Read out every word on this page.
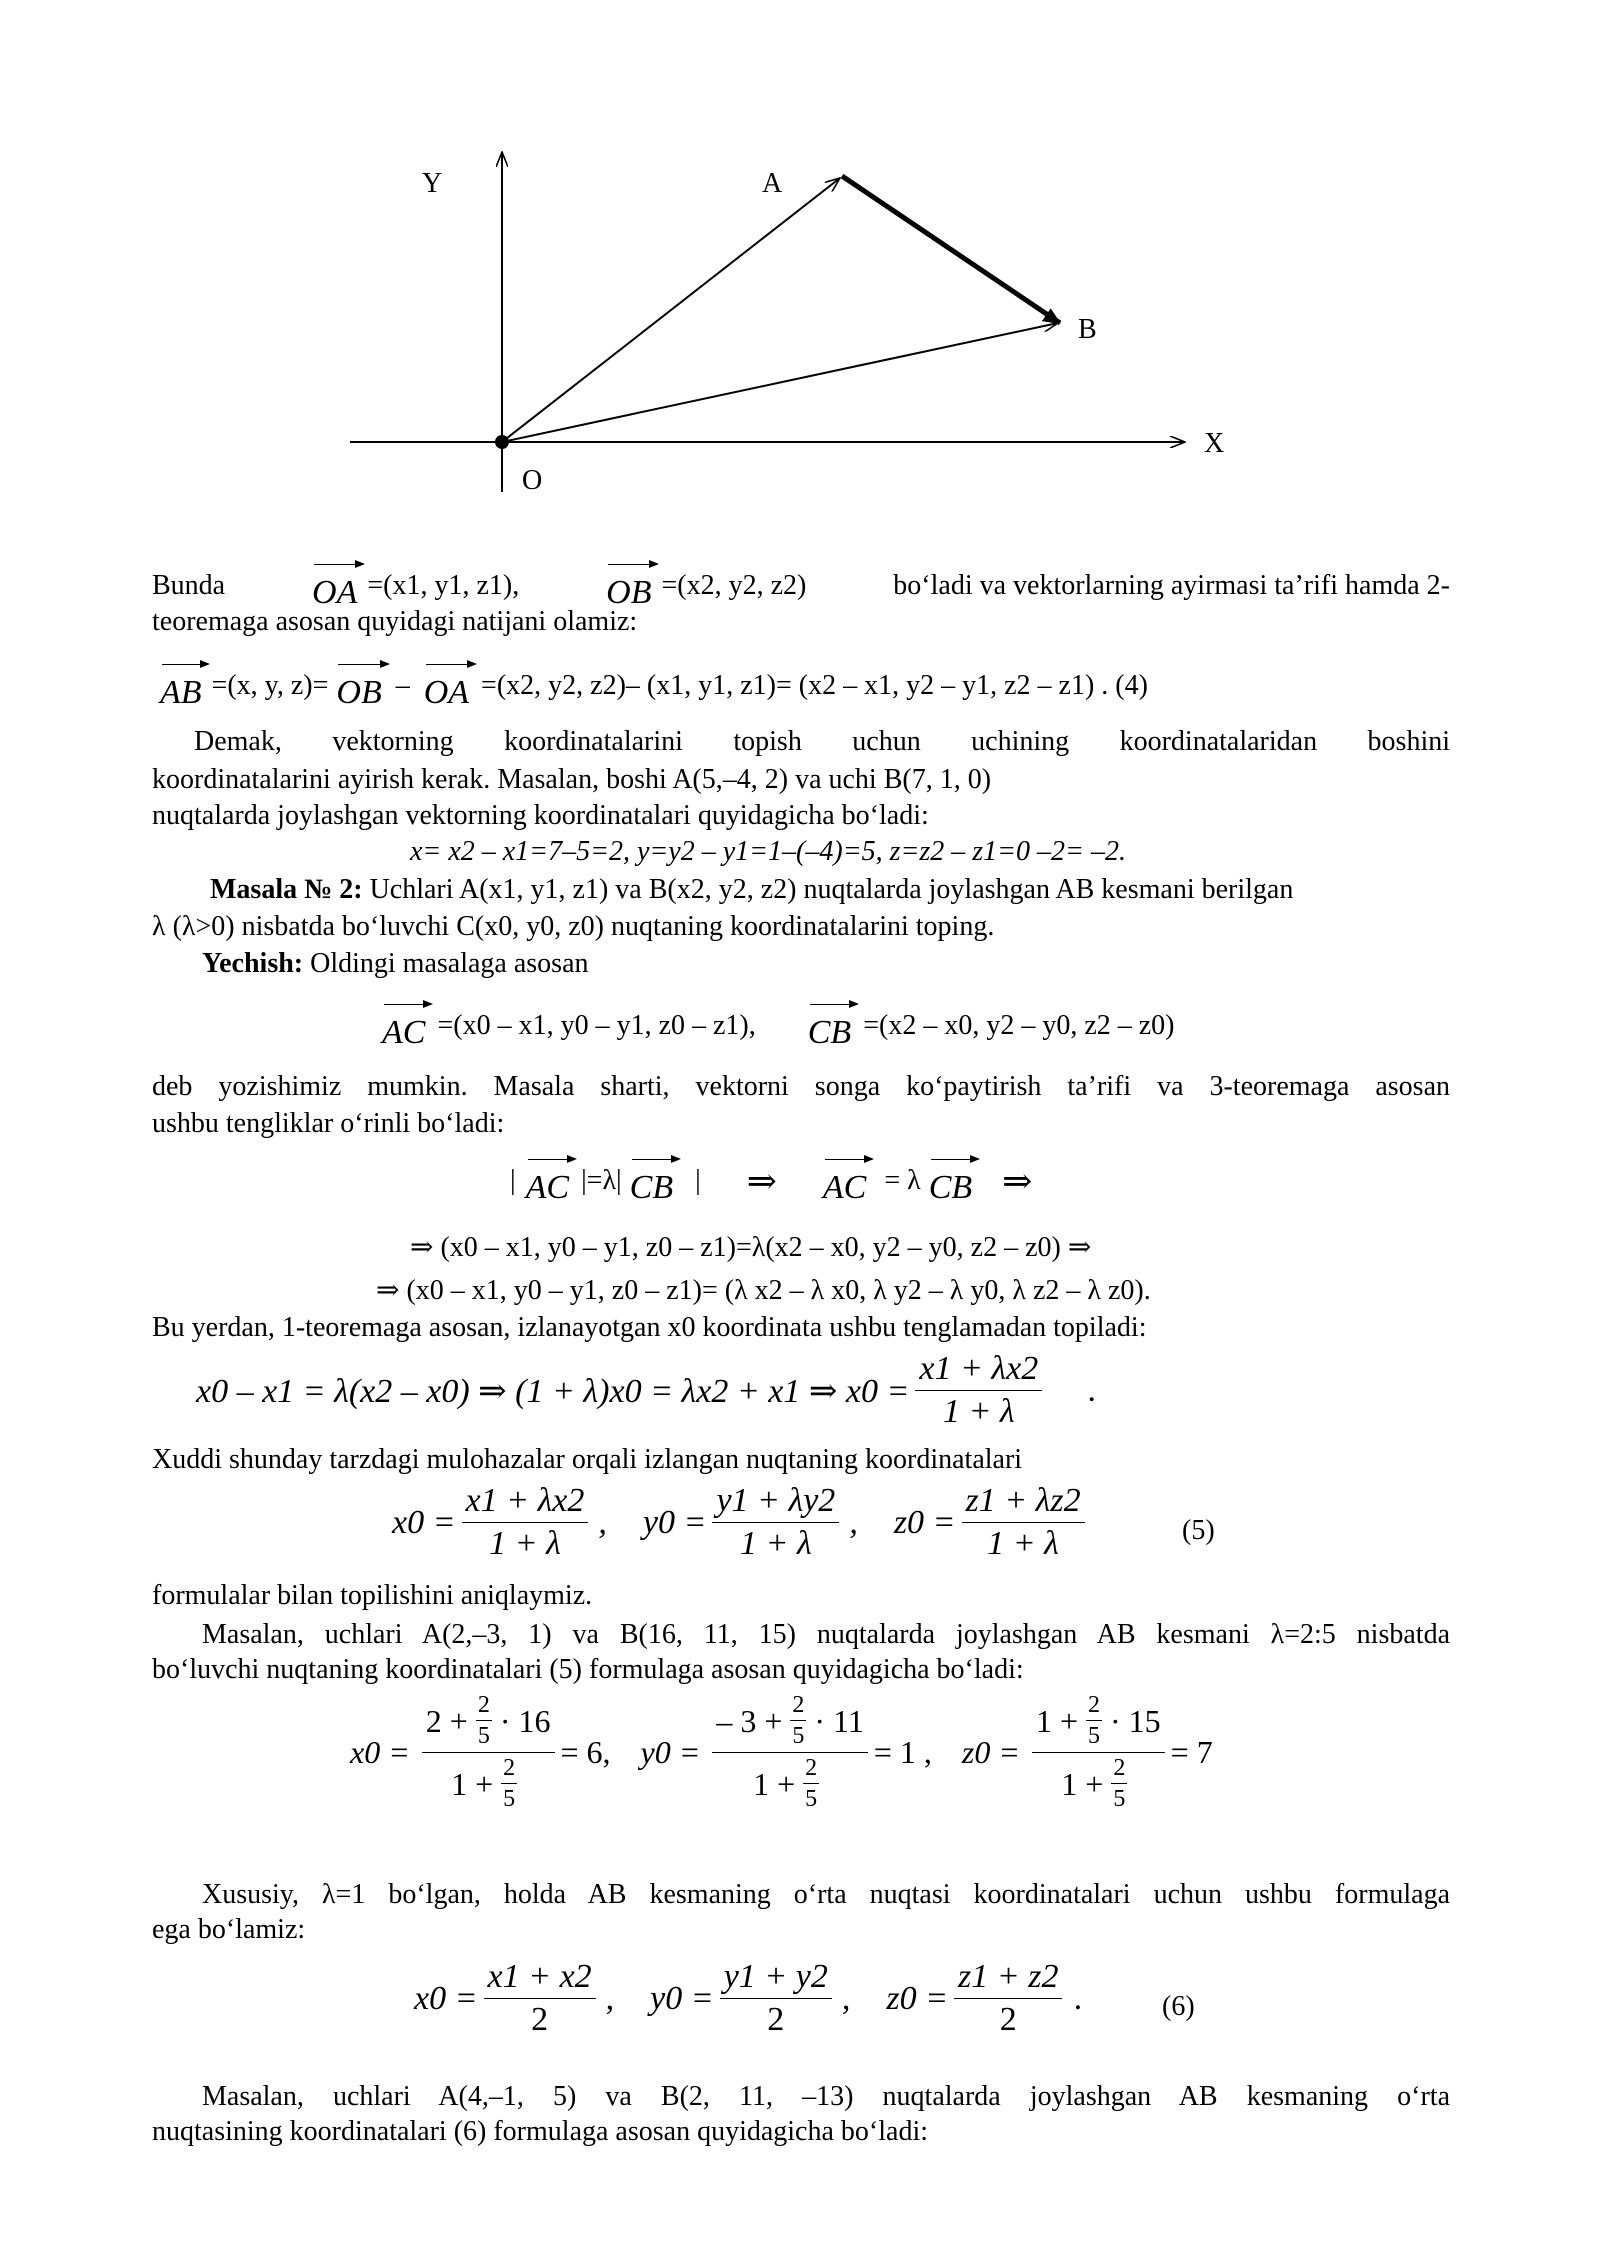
Y
X
O
A
B
Bunda	OA =(x1, y1, z1),	OB =(x2, y2, z2)	bo‘ladi va vektorlarning ayirmasi ta’rifi hamda 2-
teoremaga asosan quyidagi natijani olamiz:
AB =(x, y, z)= OB – OA =(x2, y2, z2)– (x1, y1, z1)= (x2 – x1, y2 – y1, z2 – z1) . (4)
Demak, vektorning koordinatalarini topish uchun uchining koordinatalaridan boshini
koordinatalarini ayirish kerak. Masalan, boshi A(5,–4, 2) va uchi B(7, 1, 0)
nuqtalarda joylashgan vektorning koordinatalari quyidagicha bo‘ladi:
x= x2 – x1=7–5=2, y=y2 – y1=1–(–4)=5, z=z2 – z1=0 –2= –2.
Masala № 2: Uchlari A(x1, y1, z1) va B(x2, y2, z2) nuqtalarda joylashgan AB kesmani berilgan
λ (λ>0) nisbatda bo‘luvchi C(x0, y0, z0) nuqtaning koordinatalarini toping.
Yechish: Oldingi masalaga asosan
AC =(x0 – x1, y0 – y1, z0 – z1), CB =(x2 – x0, y2 – y0, z2 – z0)
deb yozishimiz mumkin. Masala sharti, vektorni songa ko‘paytirish ta’rifi va 3-teoremaga asosan
ushbu tengliklar o‘rinli bo‘ladi:
| AC |=λ| CB | ⇒ AC = λ CB ⇒
⇒ (x0 – x1, y0 – y1, z0 – z1)=λ(x2 – x0, y2 – y0, z2 – z0) ⇒
⇒ (x0 – x1, y0 – y1, z0 – z1)= (λ x2 – λ x0, λ y2 – λ y0, λ z2 – λ z0).
Bu yerdan, 1-teoremaga asosan, izlanayotgan x0 koordinata ushbu tenglamadan topiladi:
x0 – x1 = λ(x2 – x0) ⇒ (1 + λ)x0 = λx2 + x1 ⇒ $x0 = \frac{x1 + \lambda x2}{1 + \lambda}$ .
Xuddi shunday tarzdagi mulohazalar orqali izlangan nuqtaning koordinatalari
$x0 = \frac{x1 + \lambda x2}{1 + \lambda}$ , $y0 = \frac{y1 + \lambda y2}{1 + \lambda}$ , $z0 = \frac{z1 + \lambda z2}{1 + \lambda}$	(5)
formulalar bilan topilishini aniqlaymiz.
Masalan, uchlari A(2,–3, 1) va B(16, 11, 15) nuqtalarda joylashgan AB kesmani λ=2:5 nisbatda
bo‘luvchi nuqtaning koordinatalari (5) formulaga asosan quyidagicha bo‘ladi:
$x0 = \frac{2 + \frac{2}{5} \cdot 16}{1 + \frac{2}{5}} = 6$, $y0 = \frac{- 3 + \frac{2}{5} \cdot 11}{1 + \frac{2}{5}} = 1$ , $z0 = \frac{1 + \frac{2}{5} \cdot 15}{1 + \frac{2}{5}} = 7$
Xususiy, λ=1 bo‘lgan, holda AB kesmaning o‘rta nuqtasi koordinatalari uchun ushbu formulaga
ega bo‘lamiz:
$x0 = \frac{x1 + x2}{2}$ , $y0 = \frac{y1 + y2}{2}$ , $z0 = \frac{z1 + z2}{2}$ .	(6)
Masalan, uchlari A(4,–1, 5) va B(2, 11, –13) nuqtalarda joylashgan AB kesmaning o‘rta
nuqtasining koordinatalari (6) formulaga asosan quyidagicha bo‘ladi:
